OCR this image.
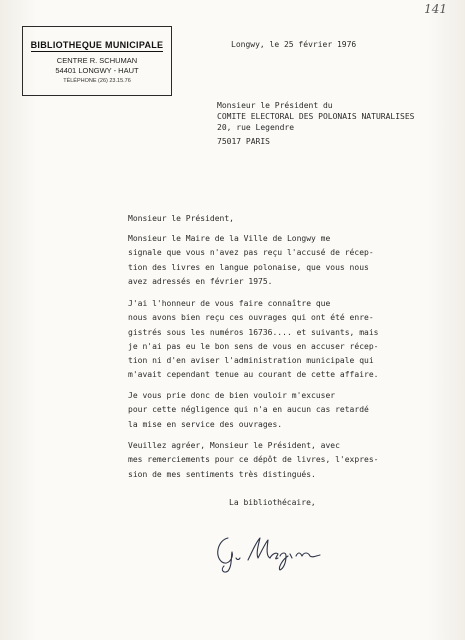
141
BIBLIOTHEQUE MUNICIPALE
CENTRE R. SCHUMAN
54401 LONGWY - HAUT
TÉLÉPHONE (26) 23.15.76
Longwy, le 25 février 1976
Monsieur le Président du
COMITE ELECTORAL DES POLONAIS NATURALISES
20, rue Legendre
75017 PARIS
Monsieur le Président,
Monsieur le Maire de la Ville de Longwy me
signale que vous n'avez pas reçu l'accusé de récep-
tion des livres en langue polonaise, que vous nous
avez adressés en février 1975.
J'ai l'honneur de vous faire connaître que
nous avons bien reçu ces ouvrages qui ont été enre-
gistrés sous les numéros 16736.... et suivants, mais
je n'ai pas eu le bon sens de vous en accuser récep-
tion ni d'en aviser l'administration municipale qui
m'avait cependant tenue au courant de cette affaire.
Je vous prie donc de bien vouloir m'excuser
pour cette négligence qui n'a en aucun cas retardé
la mise en service des ouvrages.
Veuillez agréer, Monsieur le Président, avec
mes remerciements pour ce dépôt de livres, l'expres-
sion de mes sentiments très distingués.
La bibliothécaire,
